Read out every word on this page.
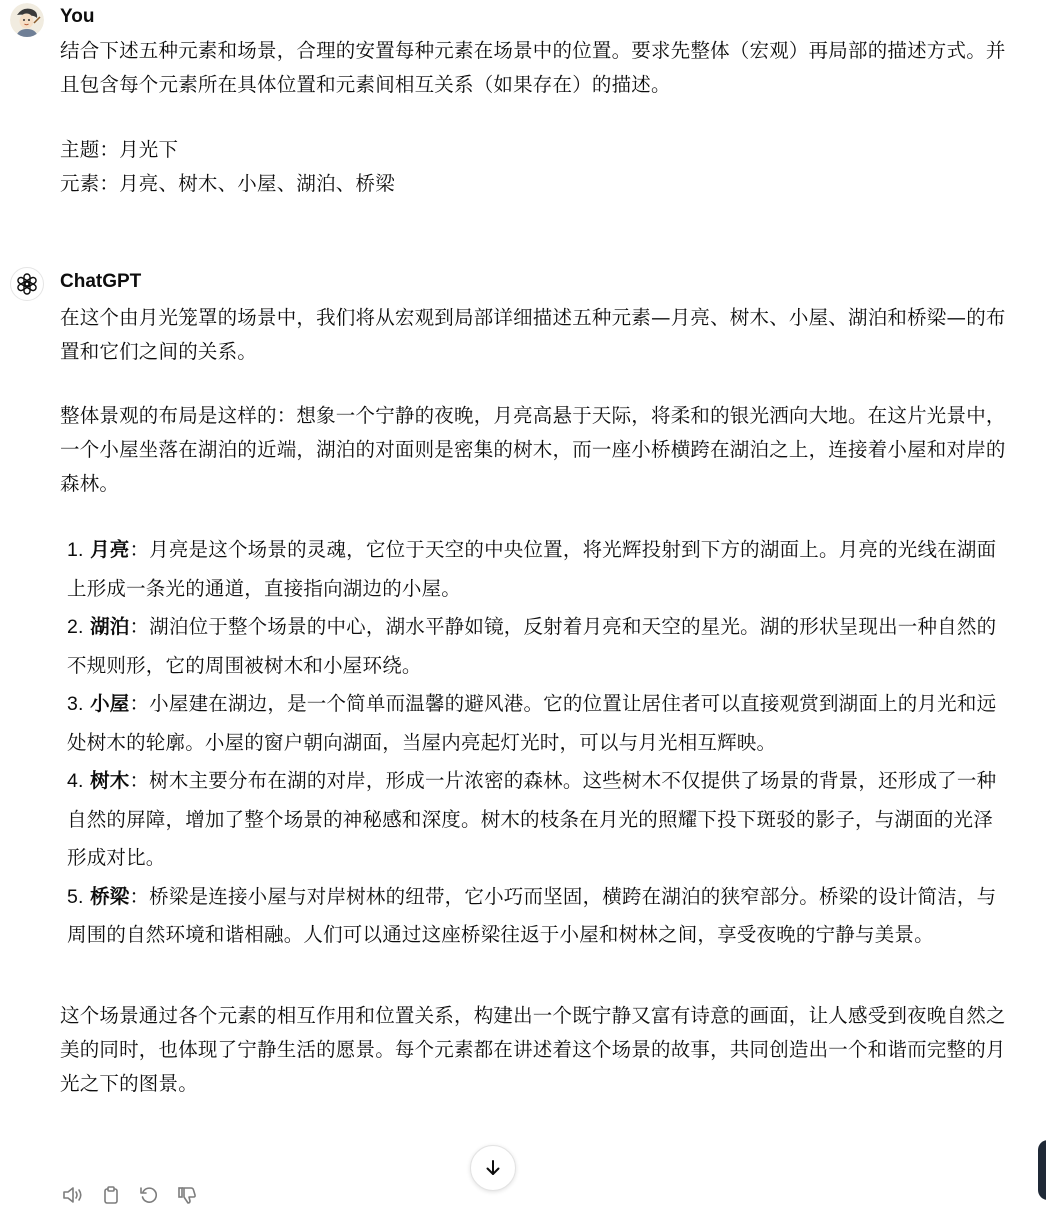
You

结合下述五种元素和场景，合理的安置每种元素在场景中的位置。要求先整体（宏观）再局部的描述方式。并且包含每个元素所在具体位置和元素间相互关系（如果存在）的描述。

主题：月光下

元素：月亮、树木、小屋、湖泊、桥梁

ChatGPT

在这个由月光笼罩的场景中，我们将从宏观到局部详细描述五种元素—月亮、树木、小屋、湖泊和桥梁—的布置和它们之间的关系。

整体景观的布局是这样的：想象一个宁静的夜晚，月亮高悬于天际，将柔和的银光洒向大地。在这片光景中，一个小屋坐落在湖泊的近端，湖泊的对面则是密集的树木，而一座小桥横跨在湖泊之上，连接着小屋和对岸的森林。

1. 月亮：月亮是这个场景的灵魂，它位于天空的中央位置，将光辉投射到下方的湖面上。月亮的光线在湖面上形成一条光的通道，直接指向湖边的小屋。
2. 湖泊：湖泊位于整个场景的中心，湖水平静如镜，反射着月亮和天空的星光。湖的形状呈现出一种自然的不规则形，它的周围被树木和小屋环绕。
3. 小屋：小屋建在湖边，是一个简单而温馨的避风港。它的位置让居住者可以直接观赏到湖面上的月光和远处树木的轮廓。小屋的窗户朝向湖面，当屋内亮起灯光时，可以与月光相互辉映。
4. 树木：树木主要分布在湖的对岸，形成一片浓密的森林。这些树木不仅提供了场景的背景，还形成了一种自然的屏障，增加了整个场景的神秘感和深度。树木的枝条在月光的照耀下投下斑驳的影子，与湖面的光泽形成对比。
5. 桥梁：桥梁是连接小屋与对岸树林的纽带，它小巧而坚固，横跨在湖泊的狭窄部分。桥梁的设计简洁，与周围的自然环境和谐相融。人们可以通过这座桥梁往返于小屋和树林之间，享受夜晚的宁静与美景。

这个场景通过各个元素的相互作用和位置关系，构建出一个既宁静又富有诗意的画面，让人感受到夜晚自然之美的同时，也体现了宁静生活的愿景。每个元素都在讲述着这个场景的故事，共同创造出一个和谐而完整的月光之下的图景。
